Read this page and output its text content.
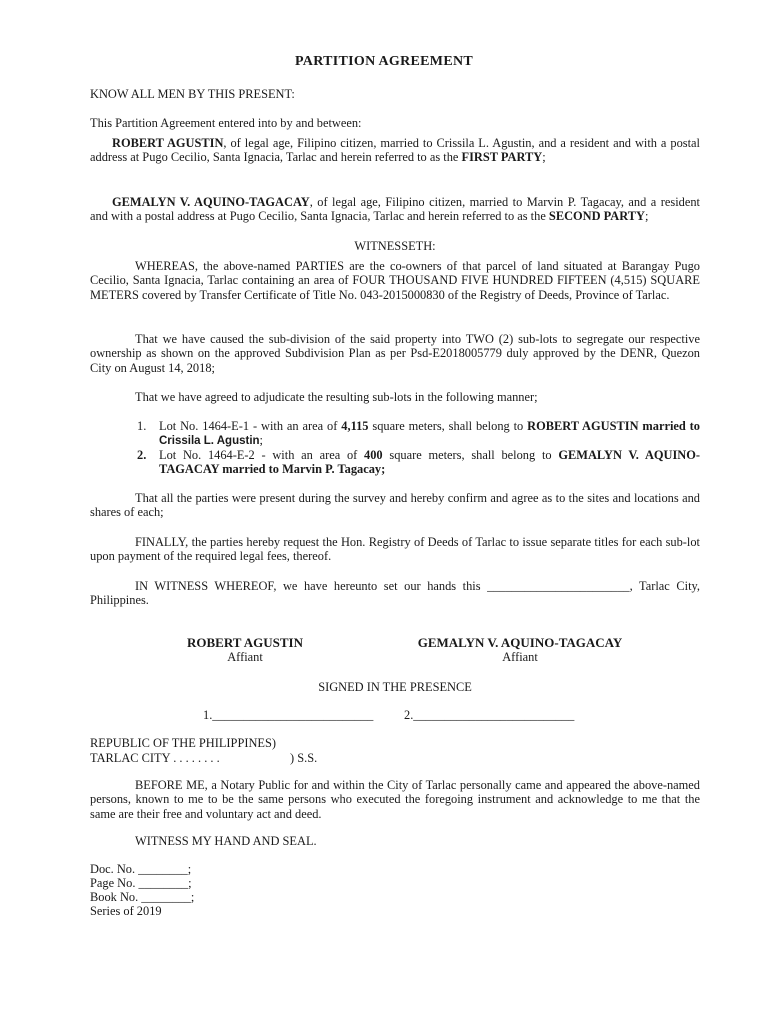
PARTITION AGREEMENT
KNOW ALL MEN BY THIS PRESENT:
This Partition Agreement entered into by and between:
ROBERT AGUSTIN, of legal age, Filipino citizen, married to Crissila L. Agustin, and a resident and with a postal address at Pugo Cecilio, Santa Ignacia, Tarlac and herein referred to as the FIRST PARTY;
GEMALYN V. AQUINO-TAGACAY, of legal age, Filipino citizen, married to Marvin P. Tagacay, and a resident and with a postal address at Pugo Cecilio, Santa Ignacia, Tarlac and herein referred to as the SECOND PARTY;
WITNESSETH:
WHEREAS, the above-named PARTIES are the co-owners of that parcel of land situated at Barangay Pugo Cecilio, Santa Ignacia, Tarlac containing an area of FOUR THOUSAND FIVE HUNDRED FIFTEEN (4,515) SQUARE METERS covered by Transfer Certificate of Title No. 043-2015000830 of the Registry of Deeds, Province of Tarlac.
That we have caused the sub-division of the said property into TWO (2) sub-lots to segregate our respective ownership as shown on the approved Subdivision Plan as per Psd-E2018005779 duly approved by the DENR, Quezon City on August 14, 2018;
That we have agreed to adjudicate the resulting sub-lots in the following manner;
1.	Lot No. 1464-E-1 - with an area of 4,115 square meters, shall belong to ROBERT AGUSTIN married to Crissila L. Agustin;
2.	Lot No. 1464-E-2 - with an area of 400 square meters, shall belong to GEMALYN V. AQUINO-TAGACAY married to Marvin P. Tagacay;
That all the parties were present during the survey and hereby confirm and agree as to the sites and locations and shares of each;
FINALLY, the parties hereby request the Hon. Registry of Deeds of Tarlac to issue separate titles for each sub-lot upon payment of the required legal fees, thereof.
IN WITNESS WHEREOF, we have hereunto set our hands this _______________________, Tarlac City, Philippines.
ROBERT AGUSTIN
Affiant
GEMALYN V. AQUINO-TAGACAY
Affiant
SIGNED IN THE PRESENCE
1.__________________________ 2.__________________________
REPUBLIC OF THE PHILIPPINES)
TARLAC CITY . . . . . . . .	) S.S.
BEFORE ME, a Notary Public for and within the City of Tarlac personally came and appeared the above-named persons, known to me to be the same persons who executed the foregoing instrument and acknowledge to me that the same are their free and voluntary act and deed.
WITNESS MY HAND AND SEAL.
Doc. No. ________;
Page No. ________;
Book No. ________;
Series of 2019
